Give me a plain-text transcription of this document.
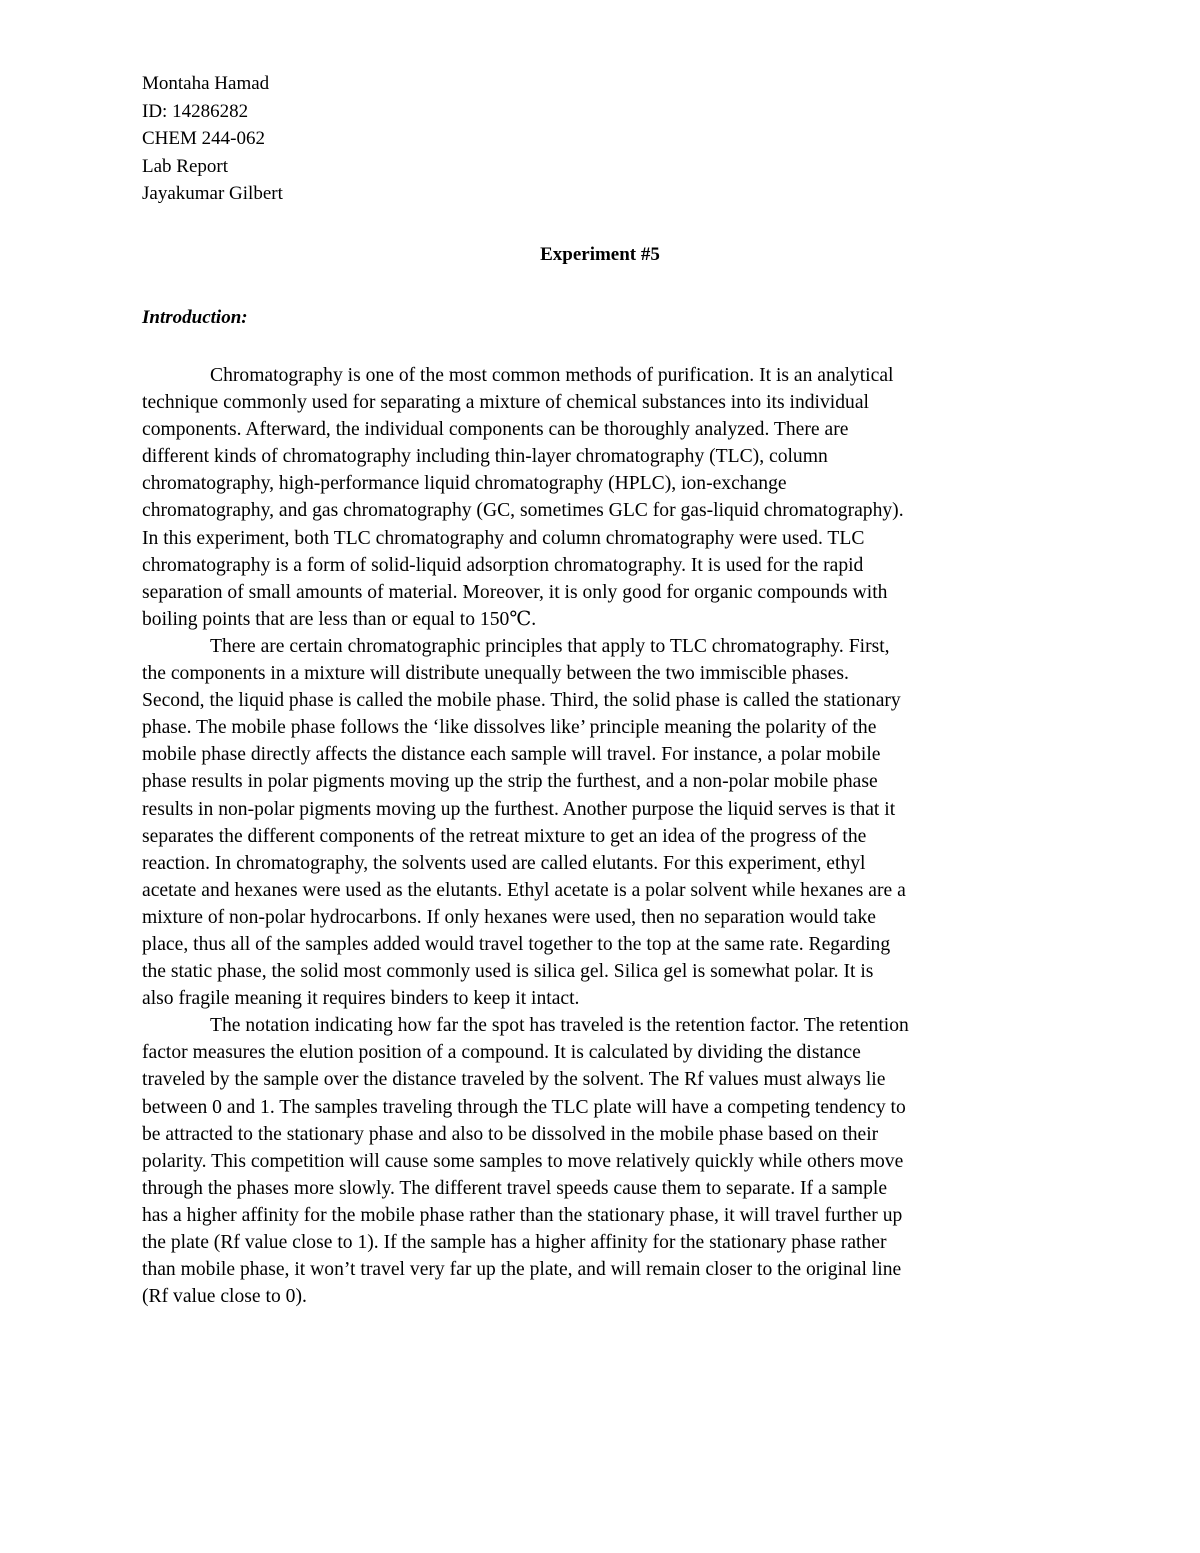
Montaha Hamad
ID: 14286282
CHEM 244-062
Lab Report
Jayakumar Gilbert
Experiment #5
Introduction:
Chromatography is one of the most common methods of purification. It is an analytical
technique commonly used for separating a mixture of chemical substances into its individual
components. Afterward, the individual components can be thoroughly analyzed. There are
different kinds of chromatography including thin-layer chromatography (TLC), column
chromatography, high-performance liquid chromatography (HPLC), ion-exchange
chromatography, and gas chromatography (GC, sometimes GLC for gas-liquid chromatography).
In this experiment, both TLC chromatography and column chromatography were used. TLC
chromatography is a form of solid-liquid adsorption chromatography. It is used for the rapid
separation of small amounts of material. Moreover, it is only good for organic compounds with
boiling points that are less than or equal to 150℃.
There are certain chromatographic principles that apply to TLC chromatography. First,
the components in a mixture will distribute unequally between the two immiscible phases.
Second, the liquid phase is called the mobile phase. Third, the solid phase is called the stationary
phase. The mobile phase follows the ‘like dissolves like’ principle meaning the polarity of the
mobile phase directly affects the distance each sample will travel. For instance, a polar mobile
phase results in polar pigments moving up the strip the furthest, and a non-polar mobile phase
results in non-polar pigments moving up the furthest. Another purpose the liquid serves is that it
separates the different components of the retreat mixture to get an idea of the progress of the
reaction. In chromatography, the solvents used are called elutants. For this experiment, ethyl
acetate and hexanes were used as the elutants. Ethyl acetate is a polar solvent while hexanes are a
mixture of non-polar hydrocarbons. If only hexanes were used, then no separation would take
place, thus all of the samples added would travel together to the top at the same rate. Regarding
the static phase, the solid most commonly used is silica gel. Silica gel is somewhat polar. It is
also fragile meaning it requires binders to keep it intact.
The notation indicating how far the spot has traveled is the retention factor. The retention
factor measures the elution position of a compound. It is calculated by dividing the distance
traveled by the sample over the distance traveled by the solvent. The Rf values must always lie
between 0 and 1. The samples traveling through the TLC plate will have a competing tendency to
be attracted to the stationary phase and also to be dissolved in the mobile phase based on their
polarity. This competition will cause some samples to move relatively quickly while others move
through the phases more slowly. The different travel speeds cause them to separate. If a sample
has a higher affinity for the mobile phase rather than the stationary phase, it will travel further up
the plate (Rf value close to 1). If the sample has a higher affinity for the stationary phase rather
than mobile phase, it won’t travel very far up the plate, and will remain closer to the original line
(Rf value close to 0).
